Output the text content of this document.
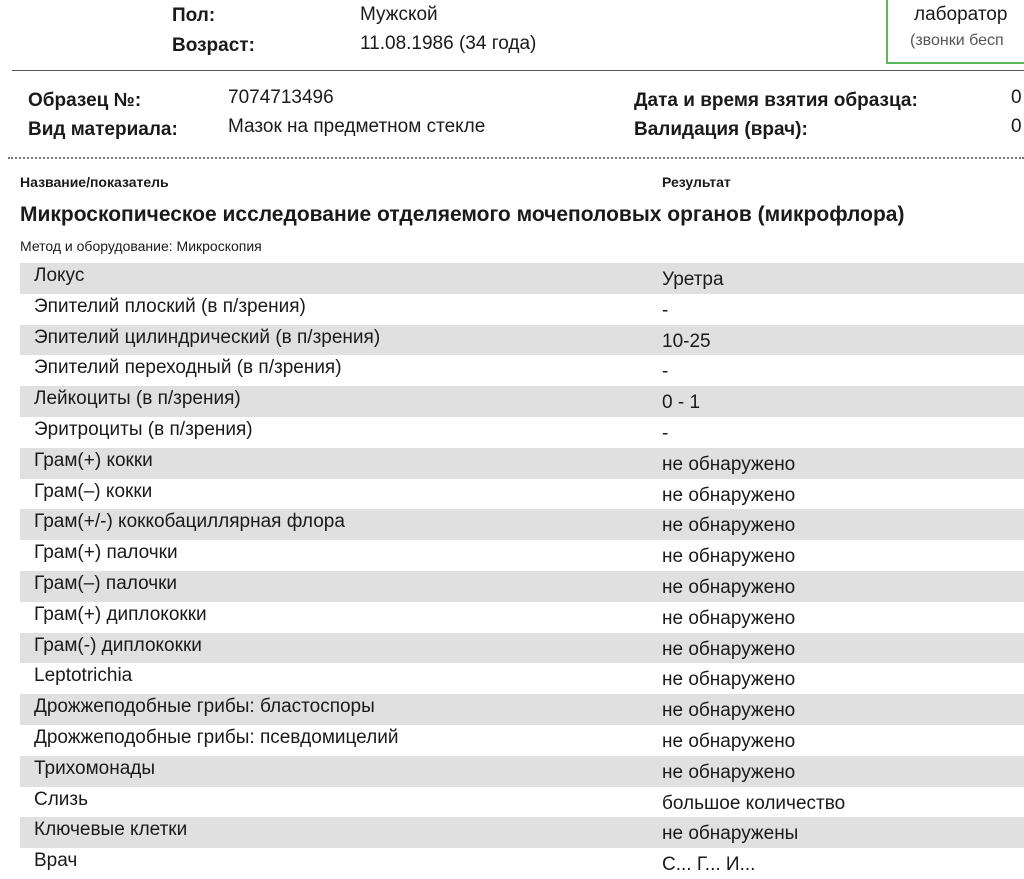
Пол:	Мужской
Возраст:	11.08.1986 (34 года)
лаборатор
(звонки бесп
Образец №:	7074713496
Вид материала:	Мазок на предметном стекле
Дата и время взятия образца:	0
Валидация (врач):	0
Название/показатель	Результат
Микроскопическое исследование отделяемого мочеполовых органов (микрофлора)
Метод и оборудование: Микроскопия
Локус	Уретра
Эпителий плоский (в п/зрения)	-
Эпителий цилиндрический (в п/зрения)	10-25
Эпителий переходный (в п/зрения)	-
Лейкоциты (в п/зрения)	0 - 1
Эритроциты (в п/зрения)	-
Грам(+) кокки	не обнаружено
Грам(–) кокки	не обнаружено
Грам(+/-) коккобациллярная флора	не обнаружено
Грам(+) палочки	не обнаружено
Грам(–) палочки	не обнаружено
Грам(+) диплококки	не обнаружено
Грам(-) диплококки	не обнаружено
Leptotrichia	не обнаружено
Дрожжеподобные грибы: бластоспоры	не обнаружено
Дрожжеподобные грибы: псевдомицелий	не обнаружено
Трихомонады	не обнаружено
Слизь	большое количество
Ключевые клетки	не обнаружены
Врач	С... Г... И...
